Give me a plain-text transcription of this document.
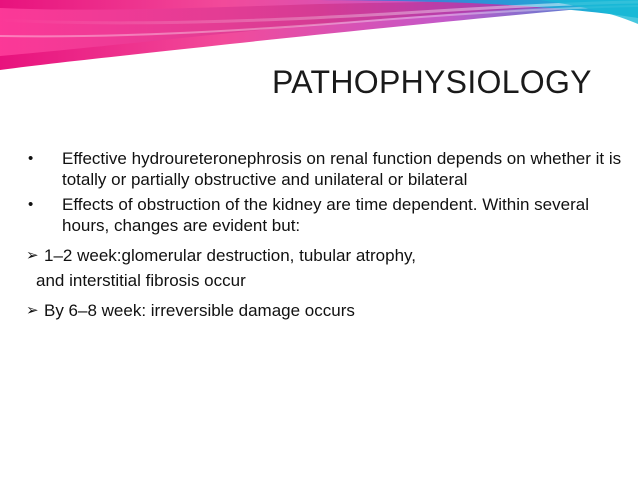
PATHOPHYSIOLOGY
• Effective hydroureteronephrosis on renal function depends on whether it is totally or partially obstructive and unilateral or bilateral
• Effects of obstruction of the kidney are time dependent. Within several hours, changes are evident but:
➢ 1–2 week:glomerular destruction, tubular atrophy,
and interstitial fibrosis occur
➢ By 6–8 week: irreversible damage occurs
